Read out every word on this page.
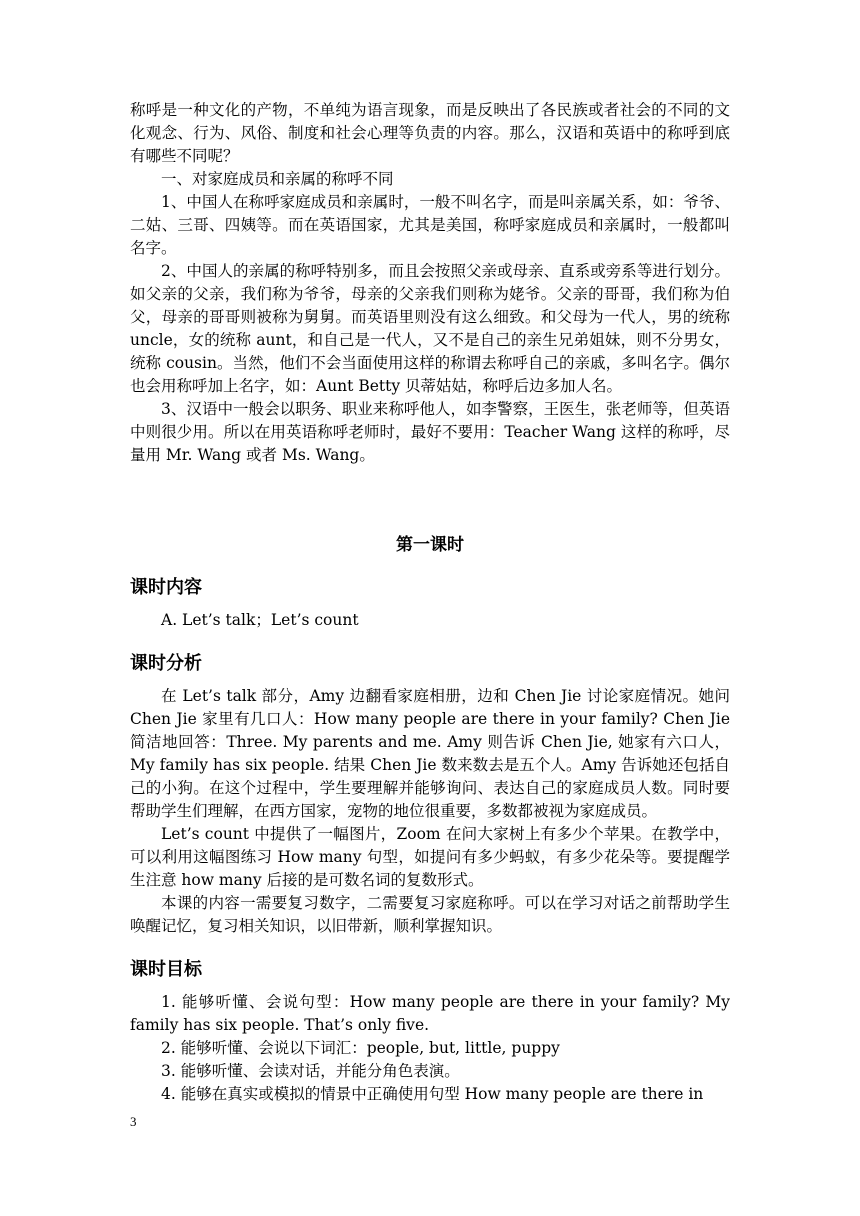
称呼是一种文化的产物，不单纯为语言现象，而是反映出了各民族或者社会的不同的文化观念、行为、风俗、制度和社会心理等负责的内容。那么，汉语和英语中的称呼到底有哪些不同呢？

一、对家庭成员和亲属的称呼不同

1、中国人在称呼家庭成员和亲属时，一般不叫名字，而是叫亲属关系，如：爷爷、二姑、三哥、四姨等。而在英语国家，尤其是美国，称呼家庭成员和亲属时，一般都叫名字。

2、中国人的亲属的称呼特别多，而且会按照父亲或母亲、直系或旁系等进行划分。如父亲的父亲，我们称为爷爷，母亲的父亲我们则称为姥爷。父亲的哥哥，我们称为伯父，母亲的哥哥则被称为舅舅。而英语里则没有这么细致。和父母为一代人，男的统称 uncle，女的统称 aunt，和自己是一代人，又不是自己的亲生兄弟姐妹，则不分男女，统称 cousin。当然，他们不会当面使用这样的称谓去称呼自己的亲戚，多叫名字。偶尔也会用称呼加上名字，如：Aunt Betty 贝蒂姑姑，称呼后边多加人名。

3、汉语中一般会以职务、职业来称呼他人，如李警察，王医生，张老师等，但英语中则很少用。所以在用英语称呼老师时，最好不要用：Teacher Wang 这样的称呼，尽量用 Mr. Wang 或者 Ms. Wang。

第一课时

课时内容

A. Let’s talk；Let’s count

课时分析

在 Let’s talk 部分，Amy 边翻看家庭相册，边和 Chen Jie 讨论家庭情况。她问 Chen Jie 家里有几口人：How many people are there in your family? Chen Jie 简洁地回答：Three. My parents and me. Amy 则告诉 Chen Jie, 她家有六口人，My family has six people. 结果 Chen Jie 数来数去是五个人。Amy 告诉她还包括自己的小狗。在这个过程中，学生要理解并能够询问、表达自己的家庭成员人数。同时要帮助学生们理解，在西方国家，宠物的地位很重要，多数都被视为家庭成员。

Let’s count 中提供了一幅图片，Zoom 在问大家树上有多少个苹果。在教学中，可以利用这幅图练习 How many 句型，如提问有多少蚂蚁，有多少花朵等。要提醒学生注意 how many 后接的是可数名词的复数形式。

本课的内容一需要复习数字，二需要复习家庭称呼。可以在学习对话之前帮助学生唤醒记忆，复习相关知识，以旧带新，顺利掌握知识。

课时目标

1. 能够听懂、会说句型：How many people are there in your family? My family has six people. That’s only five.

2. 能够听懂、会说以下词汇：people, but, little, puppy

3. 能够听懂、会读对话，并能分角色表演。

4. 能够在真实或模拟的情景中正确使用句型 How many people are there in

3
